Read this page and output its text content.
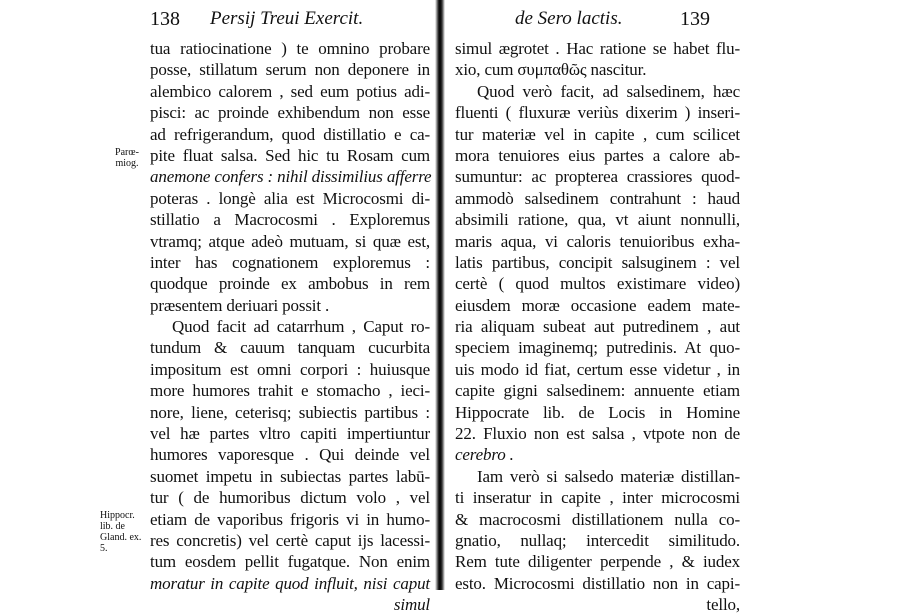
138 Persij Treui Exercit.
tua ratiocinatione ) te omnino probare
posse, stillatum serum non deponere in
alembico calorem , sed eum potius adi-
pisci: ac proinde exhibendum non esse
ad refrigerandum, quod distillatio e ca-
pite fluat salsa. Sed hic tu Rosam cum
anemone confers : nihil dissimilius afferre
poteras . longè alia est Microcosmi di-
stillatio a Macrocosmi . Exploremus
vtramq; atque adeò mutuam, si quæ est,
inter has cognationem exploremus :
quodque proinde ex ambobus in rem
præsentem deriuari possit .
Quod facit ad catarrhum , Caput ro-
tundum & cauum tanquam cucurbita
impositum est omni corpori : huiusque
more humores trahit e stomacho , ieci-
nore, liene, ceterisq; subiectis partibus :
vel hæ partes vltro capiti impertiuntur
humores vaporesque . Qui deinde vel
suomet impetu in subiectas partes labū-
tur ( de humoribus dictum volo , vel
etiam de vaporibus frigoris vi in humo-
res concretis) vel certè caput ijs lacessi-
tum eosdem pellit fugatque. Non enim
moratur in capite quod influit, nisi caput
simul
Parœ-miog.
Hippocr. lib. de Gland. ex. 5.
de Sero lactis.	139
simul ægrotet . Hac ratione se habet flu-
xio, cum συμπαθῶς nascitur.
Quod verò facit, ad salsedinem, hæc
fluenti ( fluxuræ veriùs dixerim ) inseri-
tur materiæ vel in capite , cum scilicet
mora tenuiores eius partes a calore ab-
sumuntur: ac propterea crassiores quod-
ammodò salsedinem contrahunt : haud
absimili ratione, qua, vt aiunt nonnulli,
maris aqua, vi caloris tenuioribus exha-
latis partibus, concipit salsuginem : vel
certè ( quod multos existimare video)
eiusdem moræ occasione eadem mate-
ria aliquam subeat aut putredinem , aut
speciem imaginemq; putredinis. At quo-
uis modo id fiat, certum esse videtur , in
capite gigni salsedinem: annuente etiam
Hippocrate lib. de Locis in Homine
22. Fluxio non est salsa , vtpote non de
cerebro .
Iam verò si salsedo materiæ distillan-
ti inseratur in capite , inter microcosmi
& macrocosmi distillationem nulla co-
gnatio, nullaq; intercedit similitudo.
Rem tute diligenter perpende , & iudex
esto. Microcosmi distillatio non in capi-
tello,
